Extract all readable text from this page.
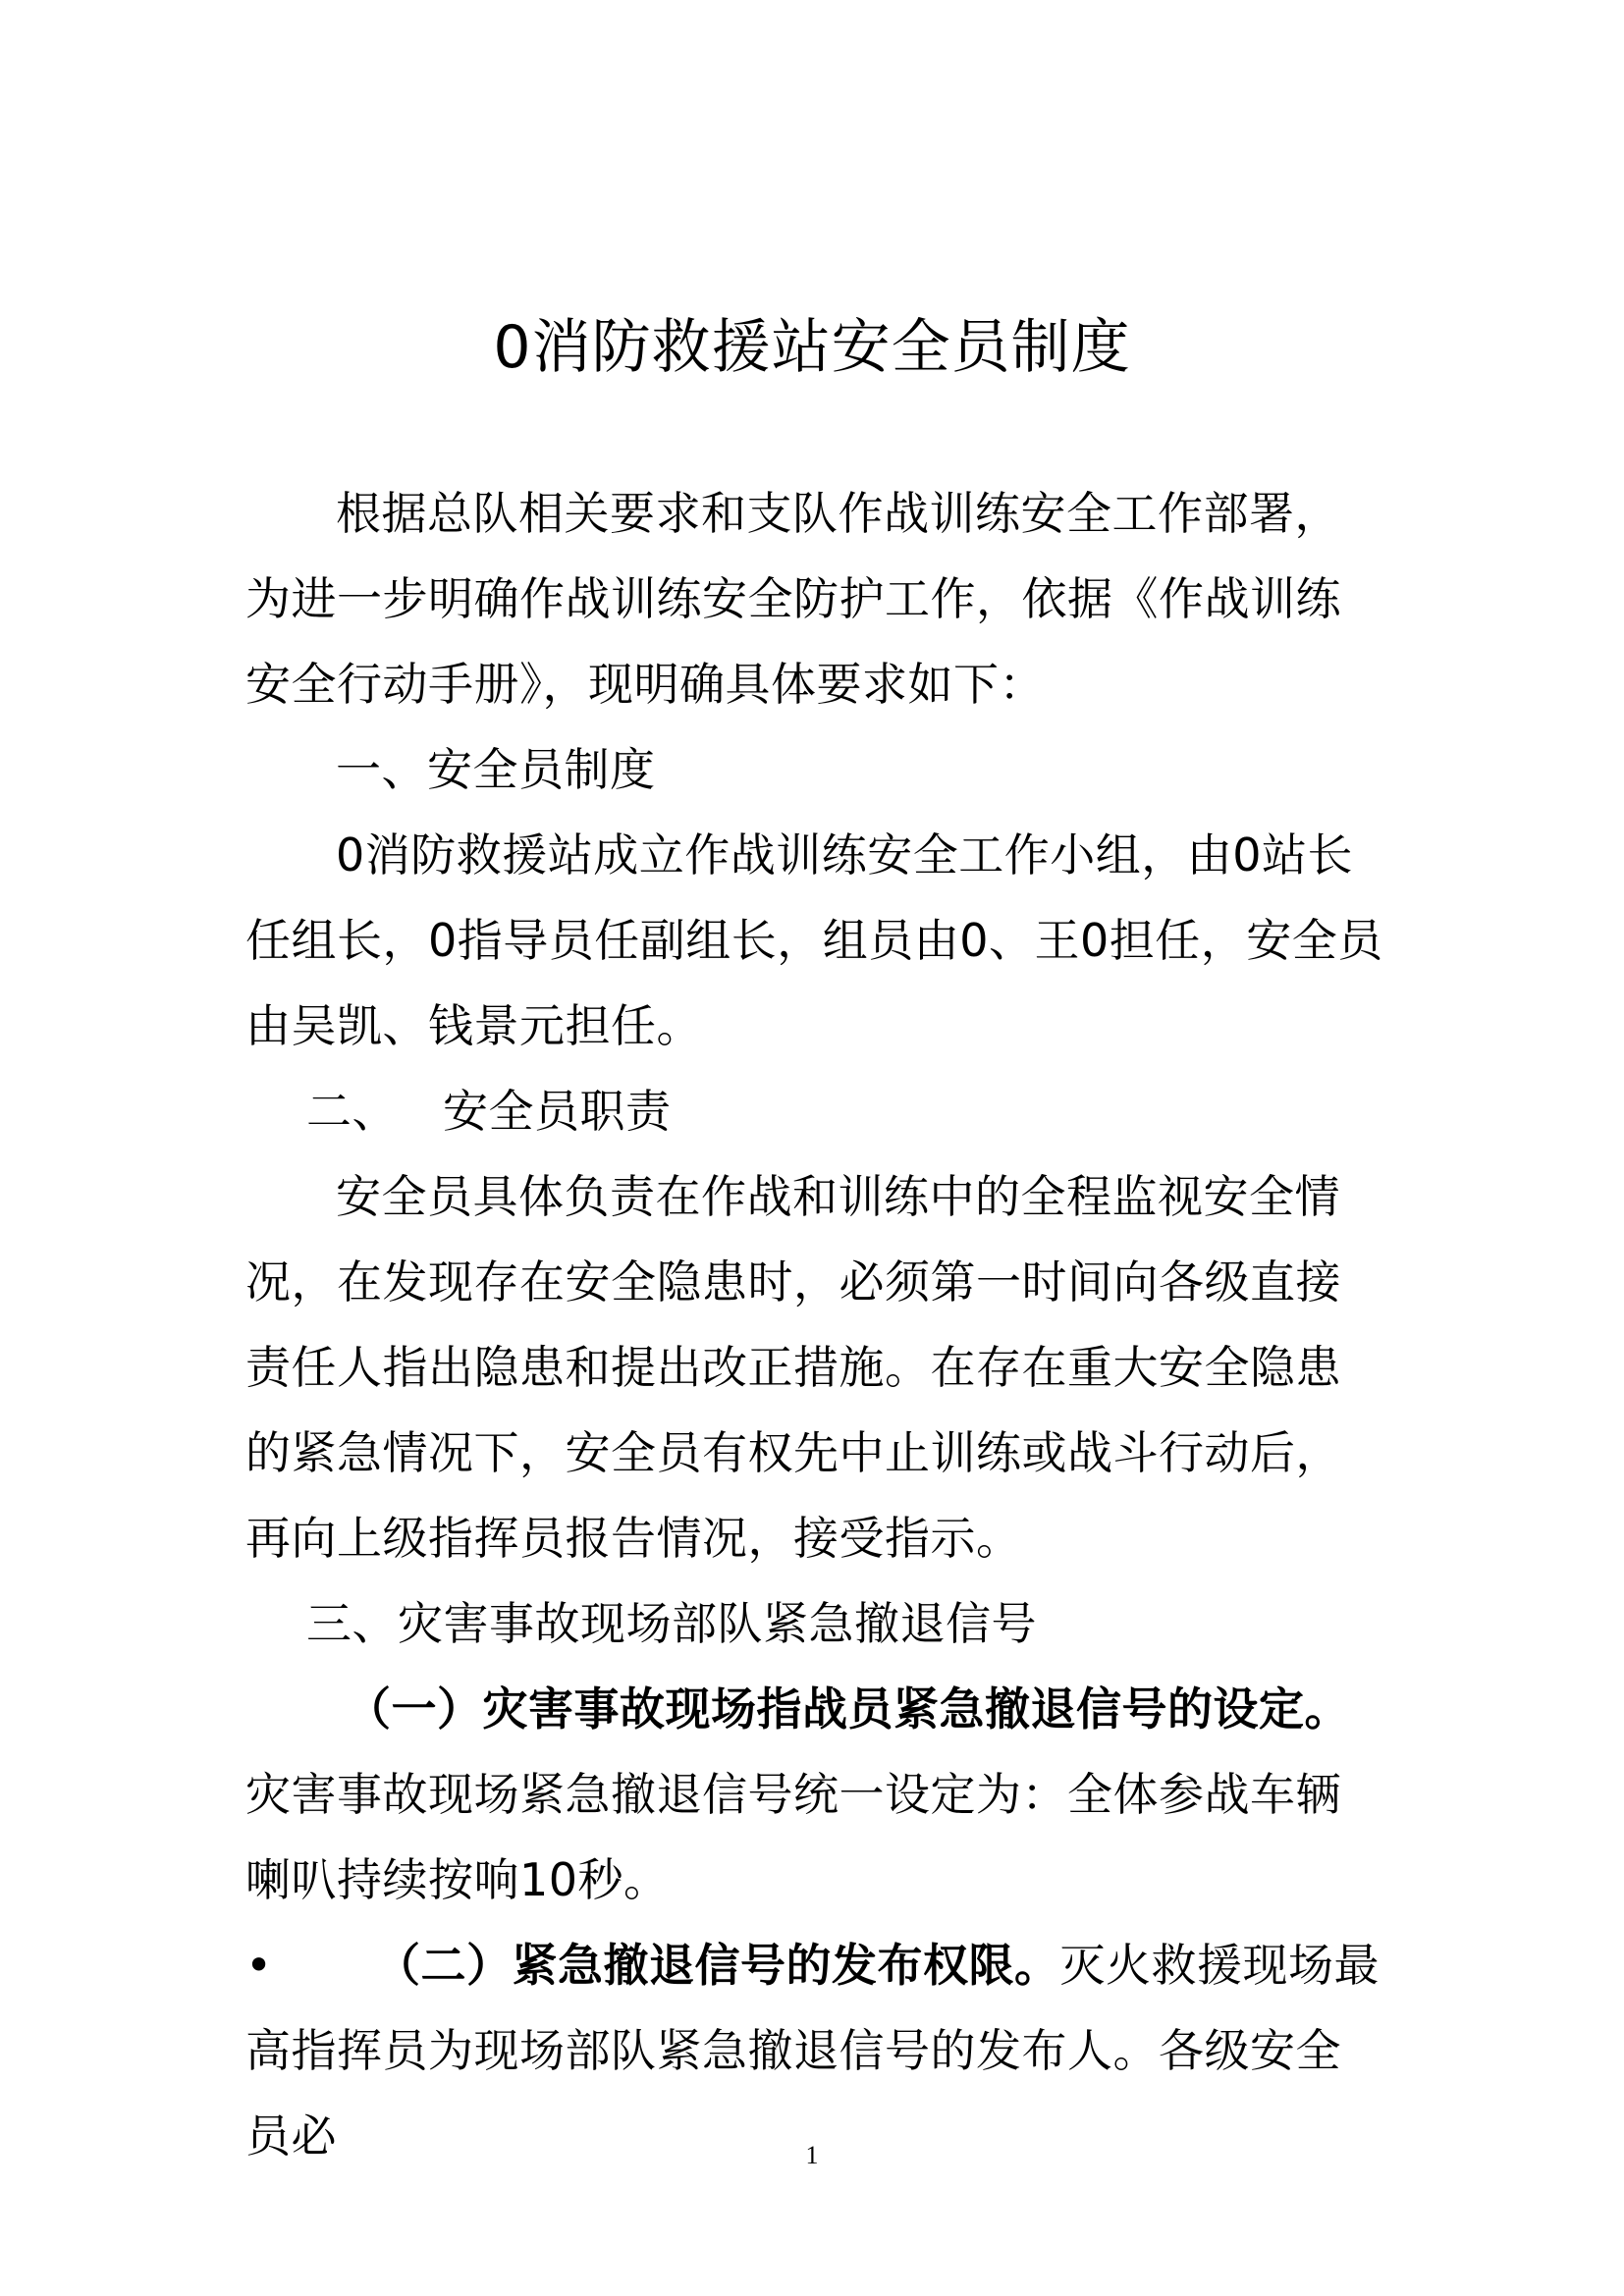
0消防救援站安全员制度

根据总队相关要求和支队作战训练安全工作部署，为进一步明确作战训练安全防护工作，依据《作战训练安全行动手册》，现明确具体要求如下：

一、安全员制度

0消防救援站成立作战训练安全工作小组，由0站长任组长，0指导员任副组长，组员由0、王0担任，安全员由吴凯、钱景元担任。

二、 安全员职责

安全员具体负责在作战和训练中的全程监视安全情况，在发现存在安全隐患时，必须第一时间向各级直接责任人指出隐患和提出改正措施。在存在重大安全隐患的紧急情况下，安全员有权先中止训练或战斗行动后，再向上级指挥员报告情况，接受指示。

三、灾害事故现场部队紧急撤退信号

（一）灾害事故现场指战员紧急撤退信号的设定。灾害事故现场紧急撤退信号统一设定为：全体参战车辆喇叭持续按响10秒。

• （二）紧急撤退信号的发布权限。灭火救援现场最高指挥员为现场部队紧急撤退信号的发布人。各级安全员必	1
